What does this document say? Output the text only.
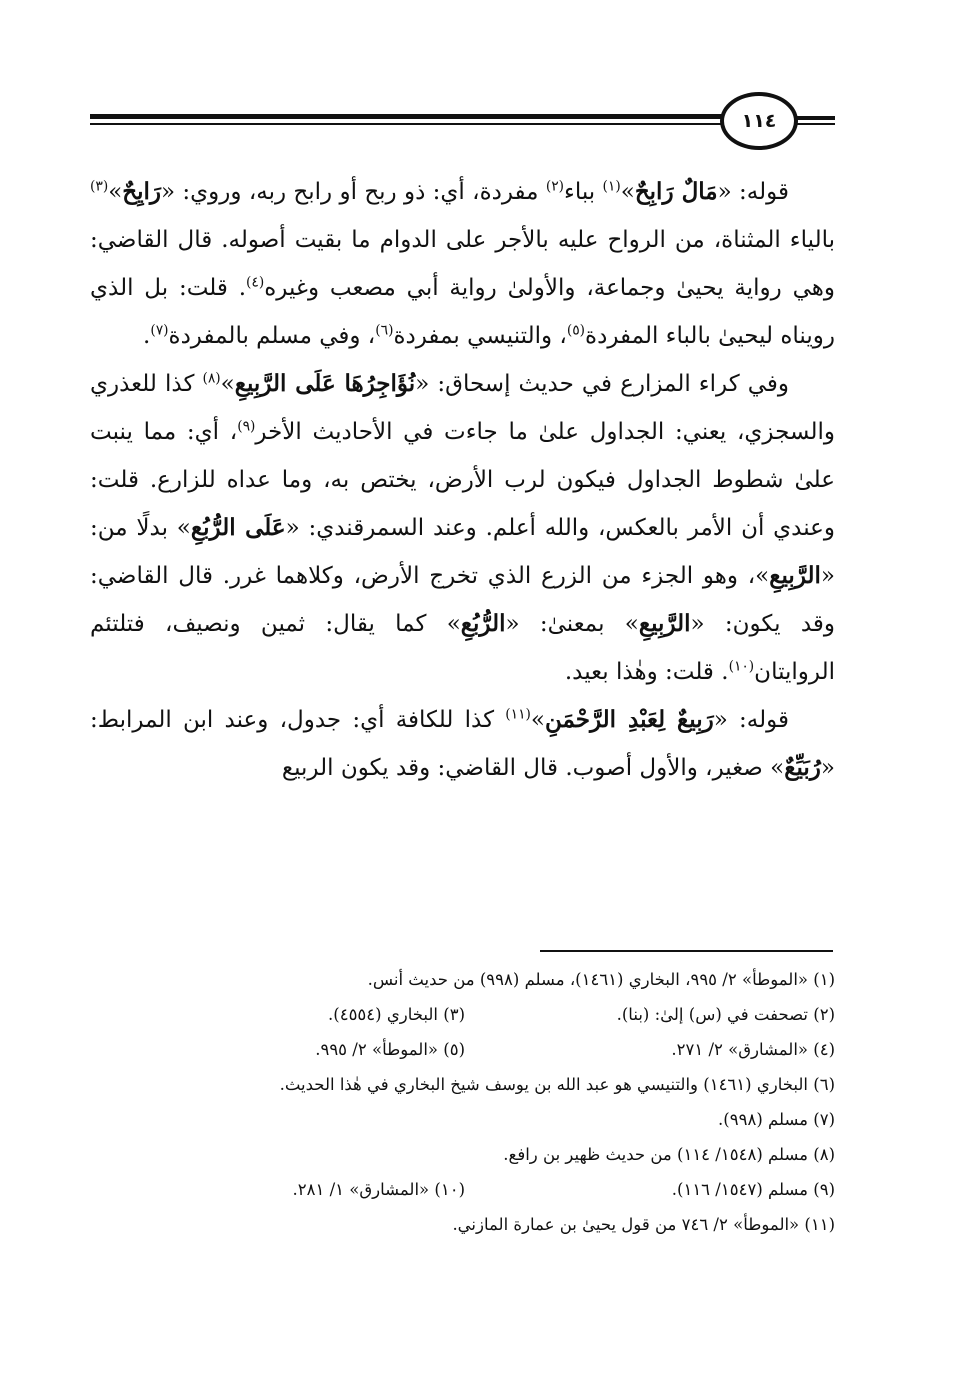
١١٤

قوله: «مَالٌ رَابِحٌ»$^{(١)}$ بباء$^{(٢)}$ مفردة، أي: ذو ربح أو رابح ربه، وروي: «رَايِحٌ»$^{(٣)}$ بالياء المثناة، من الرواح عليه بالأجر على الدوام ما بقيت أصوله. قال القاضي: وهي رواية يحيىٰ وجماعة، والأولىٰ رواية أبي مصعب وغيره$^{(٤)}$. قلت: بل الذي رويناه ليحيىٰ بالباء المفردة$^{(٥)}$، والتنيسي بمفردة$^{(٦)}$، وفي مسلم بالمفردة$^{(٧)}$.

وفي كراء المزارع في حديث إسحاق: «نُؤَاجِرُهَا عَلَى الرَّبِيعِ»$^{(٨)}$ كذا للعذري والسجزي، يعني: الجداول علىٰ ما جاءت في الأحاديث الأخر$^{(٩)}$، أي: مما ينبت علىٰ شطوط الجداول فيكون لرب الأرض، يختص به، وما عداه للزارع. قلت: وعندي أن الأمر بالعكس، والله أعلم. وعند السمرقندي: «عَلَى الرُّبُعِ» بدلًا من: «الرَّبِيعِ»، وهو الجزء من الزرع الذي تخرج الأرض، وكلاهما غرر. قال القاضي: وقد يكون: «الرَّبِيعِ» بمعنىٰ: «الرُّبُعِ» كما يقال: ثمين ونصيف، فتلتئم الروايتان$^{(١٠)}$. قلت: وهٰذا بعيد.

قوله: «رَبِيعٌ لِعَبْدِ الرَّحْمَنِ»$^{(١١)}$ كذا للكافة أي: جدول، وعند ابن المرابط: «رُبَيِّعٌ» صغير، والأول أصوب. قال القاضي: وقد يكون الربيع

(١) «الموطأ» ٢/ ٩٩٥، البخاري (١٤٦١)، مسلم (٩٩٨) من حديث أنس.
(٢) تصحفت في (س) إلىٰ: (بنا).
(٣) البخاري (٤٥٥٤).
(٤) «المشارق» ٢/ ٢٧١.
(٥) «الموطأ» ٢/ ٩٩٥.
(٦) البخاري (١٤٦١) والتنيسي هو عبد الله بن يوسف شيخ البخاري في هٰذا الحديث.
(٧) مسلم (٩٩٨).
(٨) مسلم (١٥٤٨/ ١١٤) من حديث ظهير بن رافع.
(٩) مسلم (١٥٤٧/ ١١٦).
(١٠) «المشارق» ١/ ٢٨١.
(١١) «الموطأ» ٢/ ٧٤٦ من قول يحيىٰ بن عمارة المازني.
